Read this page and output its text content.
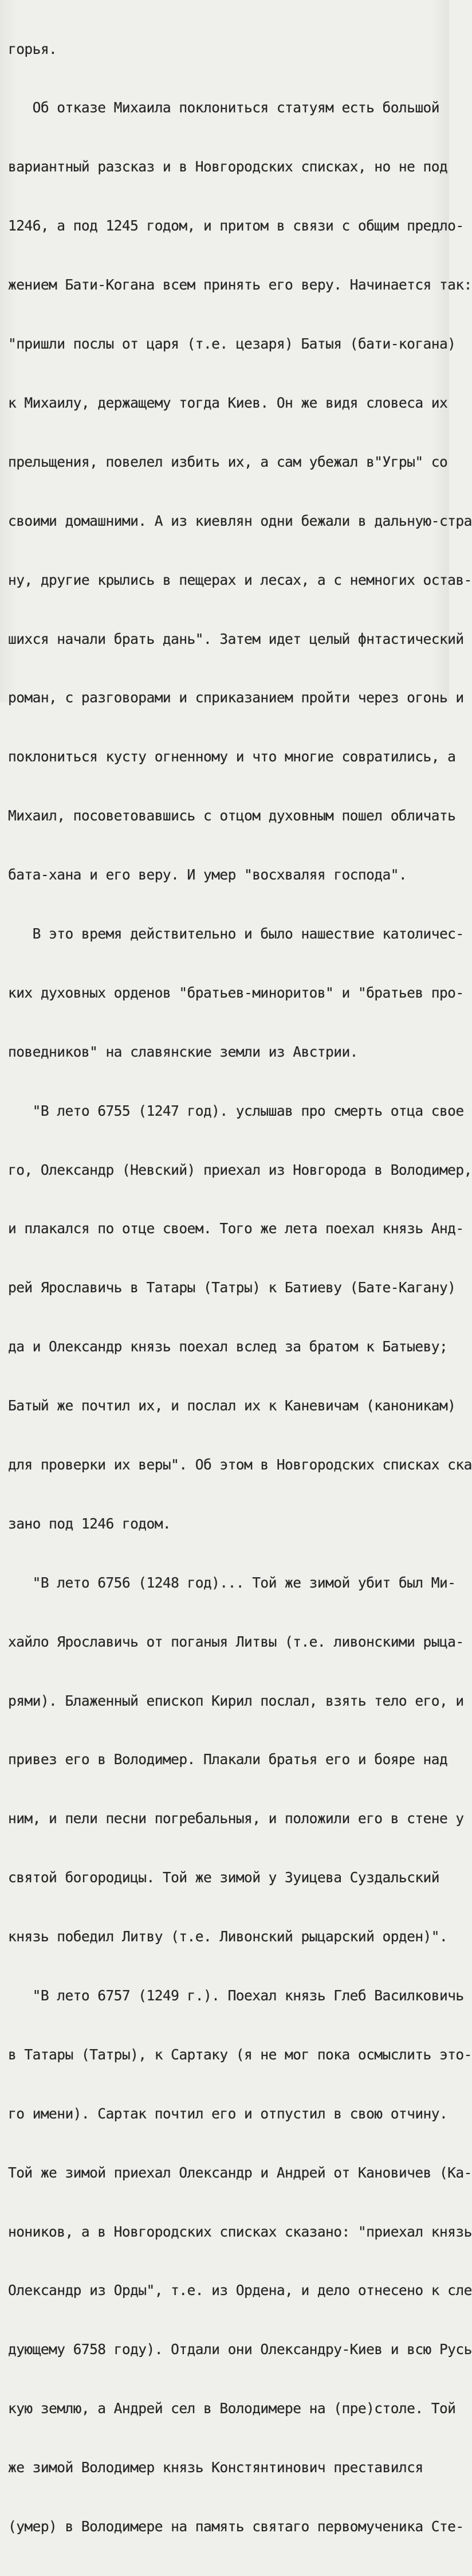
горья.

Об отказе Михаила поклониться статуям есть большой

вариантный разсказ и в Новгородских списках, но не под

1246, а под 1245 годом, и притом в связи с общим предло-

жением Бати-Когана всем принять его веру. Начинается так:

"пришли послы от царя (т.е. цезаря) Батыя (бати-когана)

к Михаилу, держащему тогда Киев. Он же видя словеса их

прельщения, повелел избить их, а сам убежал в"Угры" со

своими домашними. А из киевлян одни бежали в дальную-стра

ну, другие крылись в пещерах и лесах, а с немногих остав-

шихся начали брать дань". Затем идет целый фнтастический

роман, с разговорами и сприказанием пройти через огонь и

поклониться кусту огненному и что многие совратились, а

Михаил, посоветовавшись с отцом духовным пошел обличать

бата-хана и его веру. И умер "восхваляя господа".

В это время действительно и было нашествие католичес-

ких духовных орденов "братьев-миноритов" и "братьев про-

поведников" на славянские земли из Австрии.

"В лето 6755 (1247 год). услышав про смерть отца свое

го, Олександр (Невский) приехал из Новгорода в Володимер,

и плакался по отце своем. Того же лета поехал князь Анд-

рей Ярославичь в Татары (Татры) к Батиеву (Бате-Кагану)

да и Олександр князь поехал вслед за братом к Батыеву;

Батый же почтил их, и послал их к Каневичам (каноникам)

для проверки их веры". Об этом в Новгородских списках ска

зано под 1246 годом.

"В лето 6756 (1248 год)... Той же зимой убит был Ми-

хайло Ярославичь от поганыя Литвы (т.е. ливонскими рыца-

рями). Блаженный епископ Кирил послал, взять тело его, и

привез его в Володимер. Плакали братья его и бояре над

ним, и пели песни погребальныя, и положили его в стене у

святой богородицы. Той же зимой у Зуицева Суздальский

князь победил Литву (т.е. Ливонский рыцарский орден)".

"В лето 6757 (1249 г.). Поехал князь Глеб Василковичь

в Татары (Татры), к Сартаку (я не мог пока осмыслить это-

го имени). Сартак почтил его и отпустил в свою отчину.

Той же зимой приехал Олександр и Андрей от Кановичев (Ка-

нoников, а в Новгородских списках сказано: "приехал князь

Олександр из Орды", т.е. из Ордена, и дело отнесено к сле

дующему 6758 году). Отдали они Олександру-Киев и всю Русь

кую землю, а Андрей сел в Володимере на (пре)столе. Той

же зимой Володимер князь Констянтинович преставился

(умер) в Володимере на память святаго первомученика Сте-
